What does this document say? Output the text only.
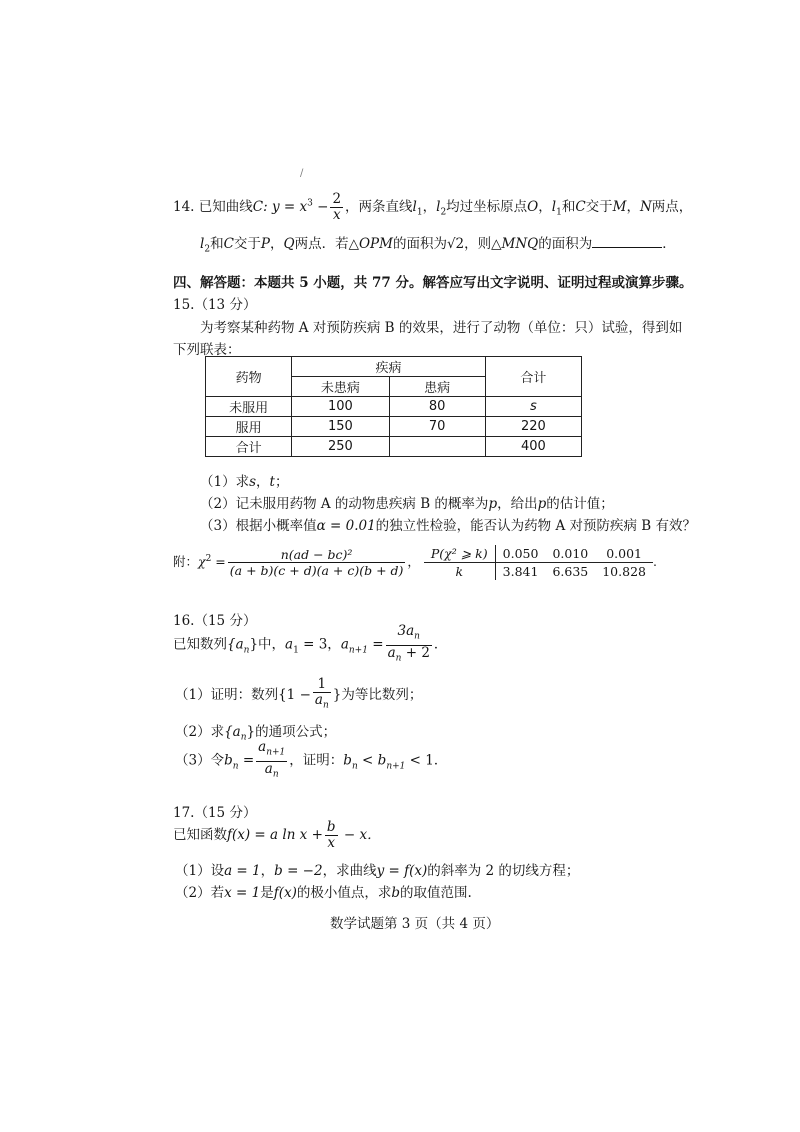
/
14. 已知曲线C: $y = x^3 - \frac{2}{x}$ ，两条直线$l_1$，$l_2$均过坐标原点O，$l_1$和C交于M，N两点，
$l_2$和C交于P，Q两点．若△OPM的面积为√2，则△MNQ的面积为	．
四、解答题：本题共 5 小题，共 77 分。解答应写出文字说明、证明过程或演算步骤。
15.（13 分）
为考察某种药物 A 对预防疾病 B 的效果，进行了动物（单位：只）试验，得到如
下列联表：
药物	疾病		合计
	未患病	患病	
未服用	100	80	s
服用	150	70	220
合计	250		400
（1）求s，t；
（2）记未服用药物 A 的动物患疾病 B 的概率为p，给出p的估计值；
（3）根据小概率值α = 0.01的独立性检验，能否认为药物 A 对预防疾病 B 有效？
附：$\chi^2 = \frac{\text{n(ad − bc)²}}{(a + b)(c + d)(a + c)(b + d)}$ ，
P(χ² ⩾ k)	0.050	0.010	0.001
k	3.841	6.635	10.828
.
16.（15 分）
已知数列$\{a_n\}$中，$a_1 = 3$，$a_{n+1} = \frac{3a_n}{a_n + 2}$ ．
（1）证明：数列{$1 - \frac{1}{a_n}$ }为等比数列；
（2）求$\{a_n\}$的通项公式；
（3）令$b_n = \frac{a_{n+1}}{a_n}$ ，证明：$b_n < b_{n+1} < 1$．
17.（15 分）
已知函数f(x) = a $\ln x + \frac{b}{x} - x$．
（1）设a = 1，b = −2，求曲线y = f(x)的斜率为 2 的切线方程；
（2）若x = 1是f(x)的极小值点，求b的取值范围.
数学试题第 3 页（共 4 页）
